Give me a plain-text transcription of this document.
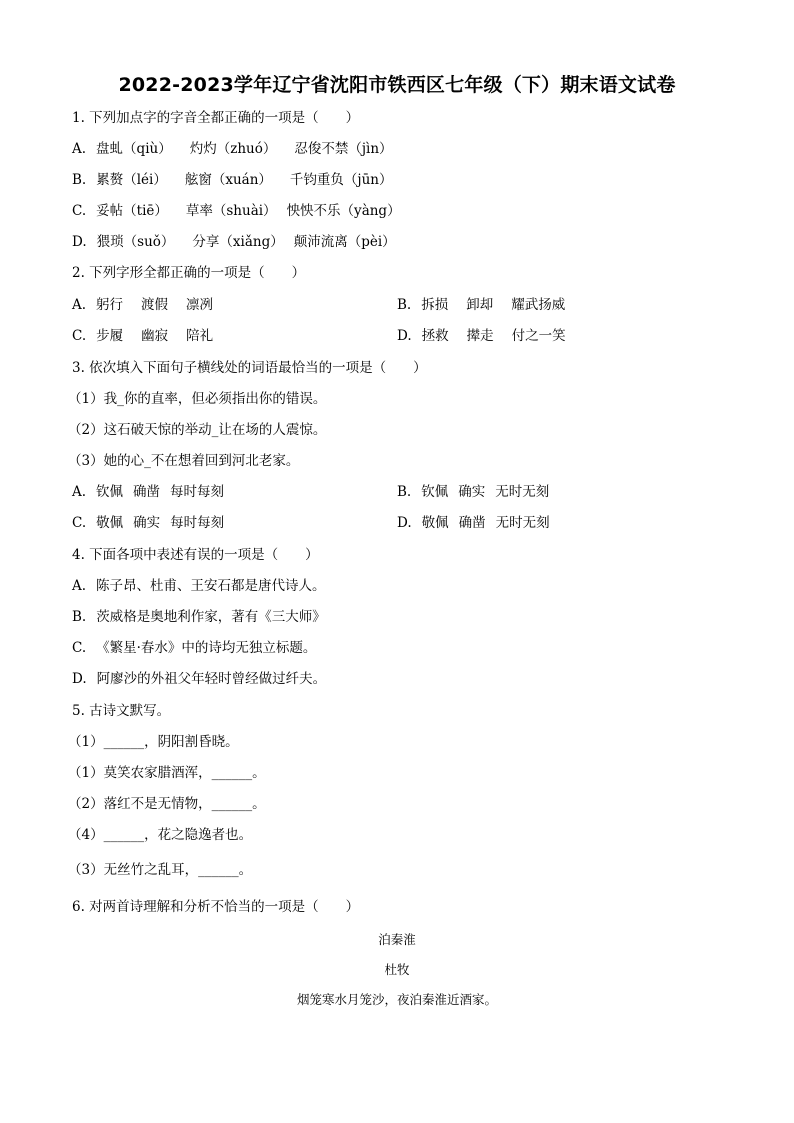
2022-2023学年辽宁省沈阳市铁西区七年级（下）期末语文试卷
1. 下列加点字的字音全都正确的一项是（　　）
A. 盘虬（qiù） 灼灼（zhuó） 忍俊不禁（jìn）
B. 累赘（léi） 舷窗（xuán） 千钧重负（jūn）
C. 妥帖（tiē） 草率（shuài） 怏怏不乐（yàng）
D. 猥琐（suǒ） 分享（xiǎng） 颠沛流离（pèi）
2. 下列字形全都正确的一项是（　　）
A. 躬行 渡假 凛冽	B. 拆损 卸却 耀武扬威
C. 步履 幽寂 陪礼	D. 拯救 撵走 付之一笑
3. 依次填入下面句子横线处的词语最恰当的一项是（　　）
（1）我_你的直率，但必须指出你的错误。
（2）这石破天惊的举动_让在场的人震惊。
（3）她的心_不在想着回到河北老家。
A. 钦佩 确凿 每时每刻	B. 钦佩 确实 无时无刻
C. 敬佩 确实 每时每刻	D. 敬佩 确凿 无时无刻
4. 下面各项中表述有误的一项是（　　）
A. 陈子昂、杜甫、王安石都是唐代诗人。
B. 茨威格是奥地利作家，著有《三大师》
C. 《繁星·春水》中的诗均无独立标题。
D. 阿廖沙的外祖父年轻时曾经做过纤夫。
5. 古诗文默写。
（1）______，阴阳割昏晓。
（1）莫笑农家腊酒浑，______。
（2）落红不是无情物，______。
（4）______，花之隐逸者也。
（3）无丝竹之乱耳，______。
6. 对两首诗理解和分析不恰当的一项是（　　）
泊秦淮
杜牧
烟笼寒水月笼沙，夜泊秦淮近酒家。
